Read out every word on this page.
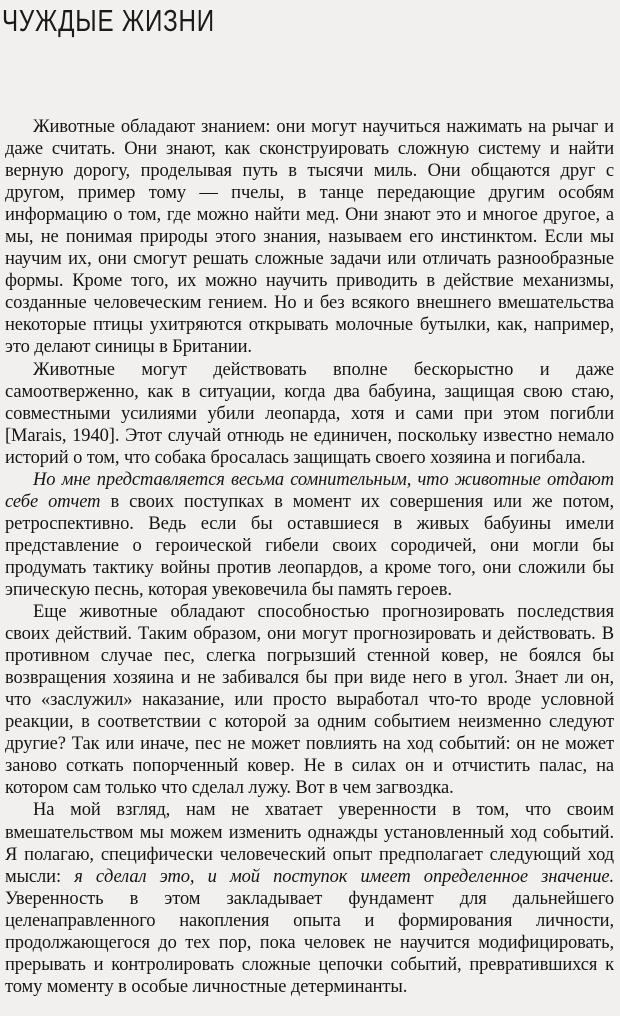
ЧУЖДЫЕ ЖИЗНИ

Животные обладают знанием: они могут научиться нажимать на рычаг и даже считать. Они знают, как сконструировать сложную систему и найти верную дорогу, проделывая путь в тысячи миль. Они общаются друг с другом, пример тому — пчелы, в танце передающие другим особям информацию о том, где можно найти мед. Они знают это и многое другое, а мы, не понимая природы этого знания, называем его инстинктом. Если мы научим их, они смогут решать сложные задачи или отличать разнообразные формы. Кроме того, их можно научить приводить в действие механизмы, созданные человеческим гением. Но и без всякого внешнего вмешательства некоторые птицы ухитряются открывать молочные бутылки, как, например, это делают синицы в Британии.

Животные могут действовать вполне бескорыстно и даже самоотверженно, как в ситуации, когда два бабуина, защищая свою стаю, совместными усилиями убили леопарда, хотя и сами при этом погибли [Marais, 1940]. Этот случай отнюдь не единичен, поскольку известно немало историй о том, что собака бросалась защищать своего хозяина и погибала.

Но мне представляется весьма сомнительным, что животные отдают себе отчет в своих поступках в момент их совершения или же потом, ретроспективно. Ведь если бы оставшиеся в живых бабуины имели представление о героической гибели своих сородичей, они могли бы продумать тактику войны против леопардов, а кроме того, они сложили бы эпическую песнь, которая увековечила бы память героев.

Еще животные обладают способностью прогнозировать последствия своих действий. Таким образом, они могут прогнозировать и действовать. В противном случае пес, слегка погрызший стенной ковер, не боялся бы возвращения хозяина и не забивался бы при виде него в угол. Знает ли он, что «заслужил» наказание, или просто выработал что-то вроде условной реакции, в соответствии с которой за одним событием неизменно следуют другие? Так или иначе, пес не может повлиять на ход событий: он не может заново соткать попорченный ковер. Не в силах он и отчистить палас, на котором сам только что сделал лужу. Вот в чем загвоздка.

На мой взгляд, нам не хватает уверенности в том, что своим вмешательством мы можем изменить однажды установленный ход событий. Я полагаю, специфически человеческий опыт предполагает следующий ход мысли: я сделал это, и мой поступок имеет определенное значение. Уверенность в этом закладывает фундамент для дальнейшего целенаправленного накопления опыта и формирования личности, продолжающегося до тех пор, пока человек не научится модифицировать, прерывать и контролировать сложные цепочки событий, превратившихся к тому моменту в особые личностные детерминанты.
